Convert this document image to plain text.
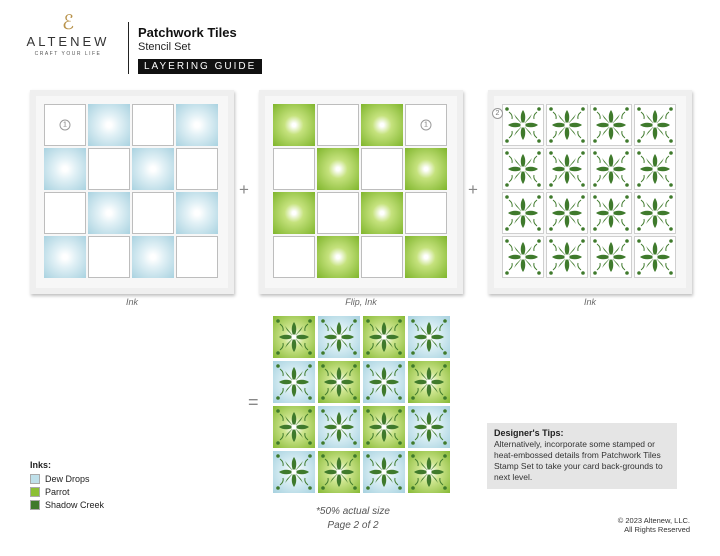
ℰ
ALTENEW
CRAFT YOUR LIFE
Patchwork Tiles
Stencil Set
LAYERING GUIDE
1
+
1
+
2
Ink	Flip, Ink	Ink
=
*50% actual size
Page 2 of 2
Designer's Tips:
Alternatively, incorporate some stamped or heat-embossed details from Patchwork Tiles Stamp Set to take your card back-grounds to next level.
Inks:
Dew Drops
Parrot
Shadow Creek
© 2023 Altenew, LLC.
All Rights Reserved
